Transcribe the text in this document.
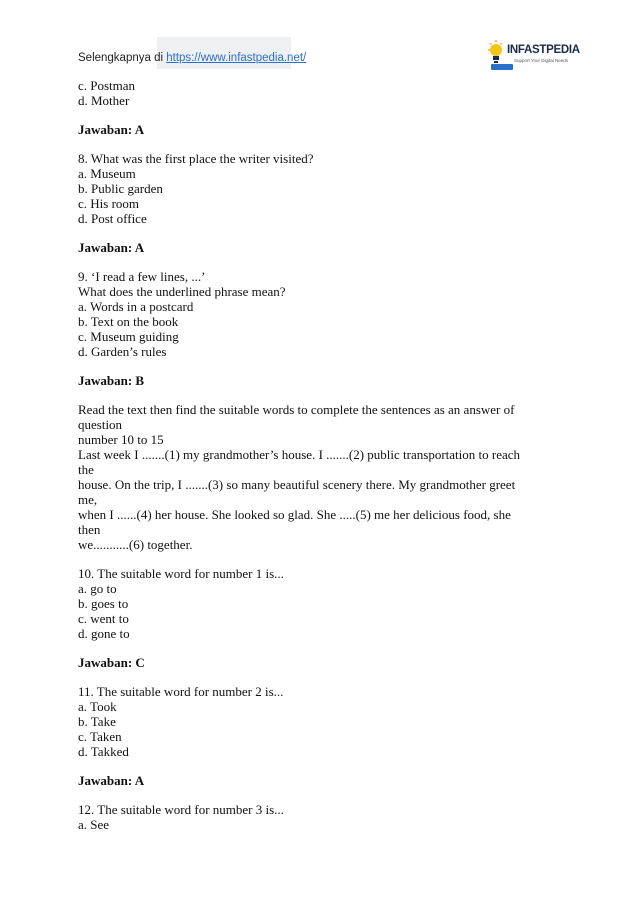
Selengkapnya di https://www.infastpedia.net/
INFASTPEDIA
Support Your Digital Needs
c. Postman
d. Mother
Jawaban: A
8. What was the first place the writer visited?
a. Museum
b. Public garden
c. His room
d. Post office
Jawaban: A
9. ‘I read a few lines, ...’
What does the underlined phrase mean?
a. Words in a postcard
b. Text on the book
c. Museum guiding
d. Garden’s rules
Jawaban: B
Read the text then find the suitable words to complete the sentences as an answer of
question
number 10 to 15
Last week I .......(1) my grandmother’s house. I .......(2) public transportation to reach
the
house. On the trip, I .......(3) so many beautiful scenery there. My grandmother greet
me,
when I ......(4) her house. She looked so glad. She .....(5) me her delicious food, she then
we...........(6) together.
10. The suitable word for number 1 is...
a. go to
b. goes to
c. went to
d. gone to
Jawaban: C
11. The suitable word for number 2 is...
a. Took
b. Take
c. Taken
d. Takked
Jawaban: A
12. The suitable word for number 3 is...
a. See
